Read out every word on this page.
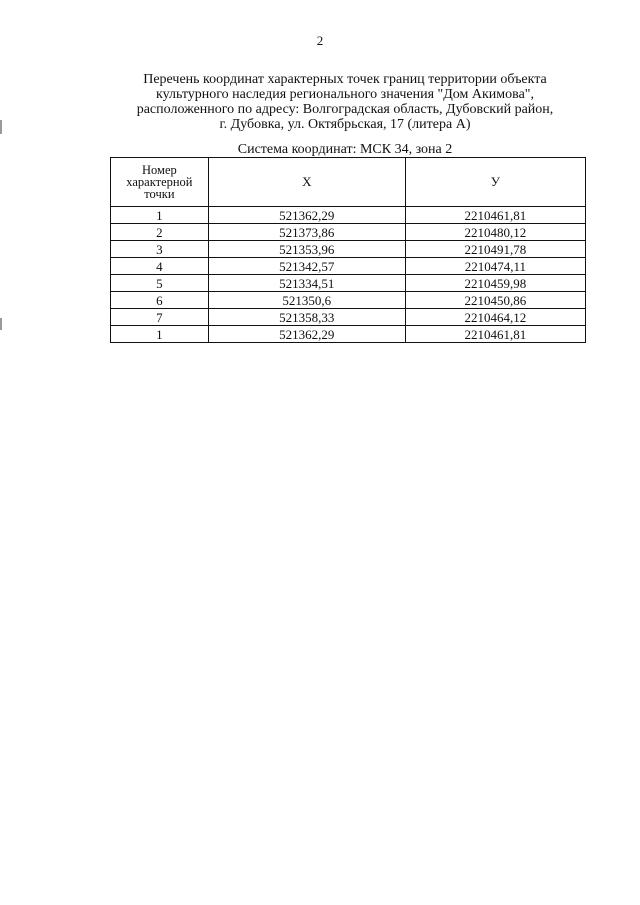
2
Перечень координат характерных точек границ территории объекта
культурного наследия регионального значения "Дом Акимова",
расположенного по адресу: Волгоградская область, Дубовский район,
г. Дубовка, ул. Октябрьская, 17 (литера А)
Система координат: МСК 34, зона 2
Номер
характерной
точки	X	У
1	521362,29	2210461,81
2	521373,86	2210480,12
3	521353,96	2210491,78
4	521342,57	2210474,11
5	521334,51	2210459,98
6	521350,6	2210450,86
7	521358,33	2210464,12
1	521362,29	2210461,81
